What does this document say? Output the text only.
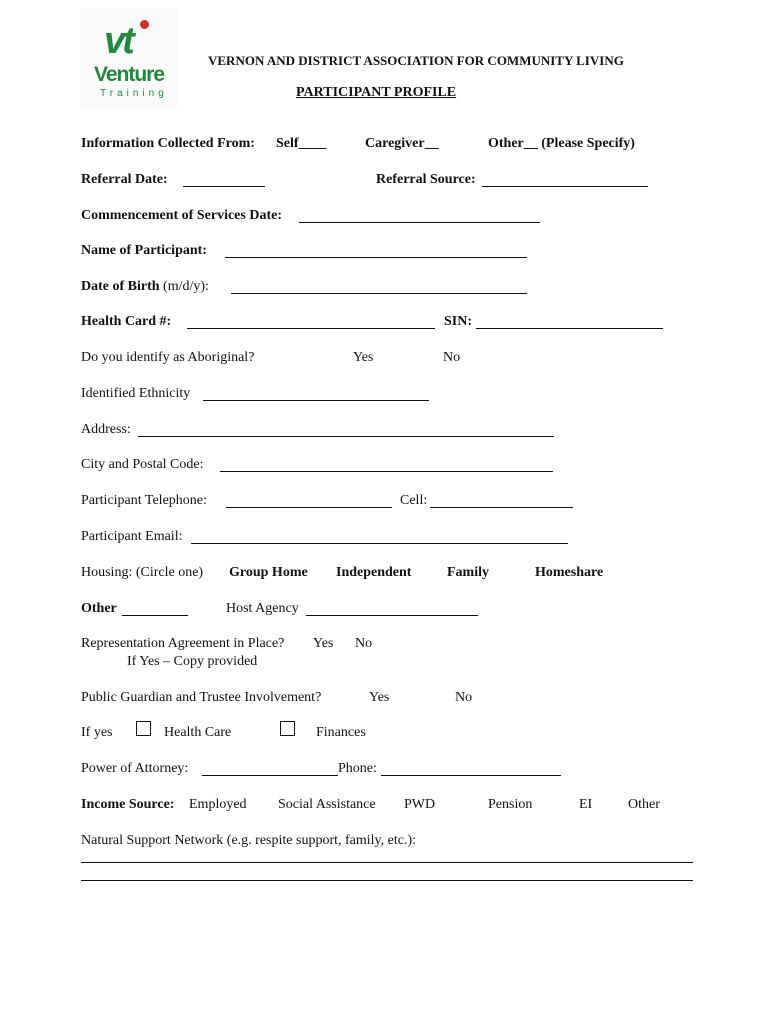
vt
Venture
Training
VERNON AND DISTRICT ASSOCIATION FOR COMMUNITY LIVING
PARTICIPANT PROFILE
Information Collected From: Self____	Caregiver__	Other__ (Please Specify)
Referral Date:	Referral Source:
Commencement of Services Date:
Name of Participant:
Date of Birth (m/d/y):
Health Card #:	SIN:
Do you identify as Aboriginal?	Yes	No
Identified Ethnicity
Address:
City and Postal Code:
Participant Telephone:	Cell:
Participant Email:
Housing: (Circle one) Group Home Independent	Family	Homeshare
Other	Host Agency
Representation Agreement in Place? Yes No
If Yes – Copy provided
Public Guardian and Trustee Involvement?	Yes	No
If yes	Health Care	Finances
Power of Attorney:	Phone:
Income Source: Employed Social Assistance PWD	Pension	EI	Other
Natural Support Network (e.g. respite support, family, etc.):
